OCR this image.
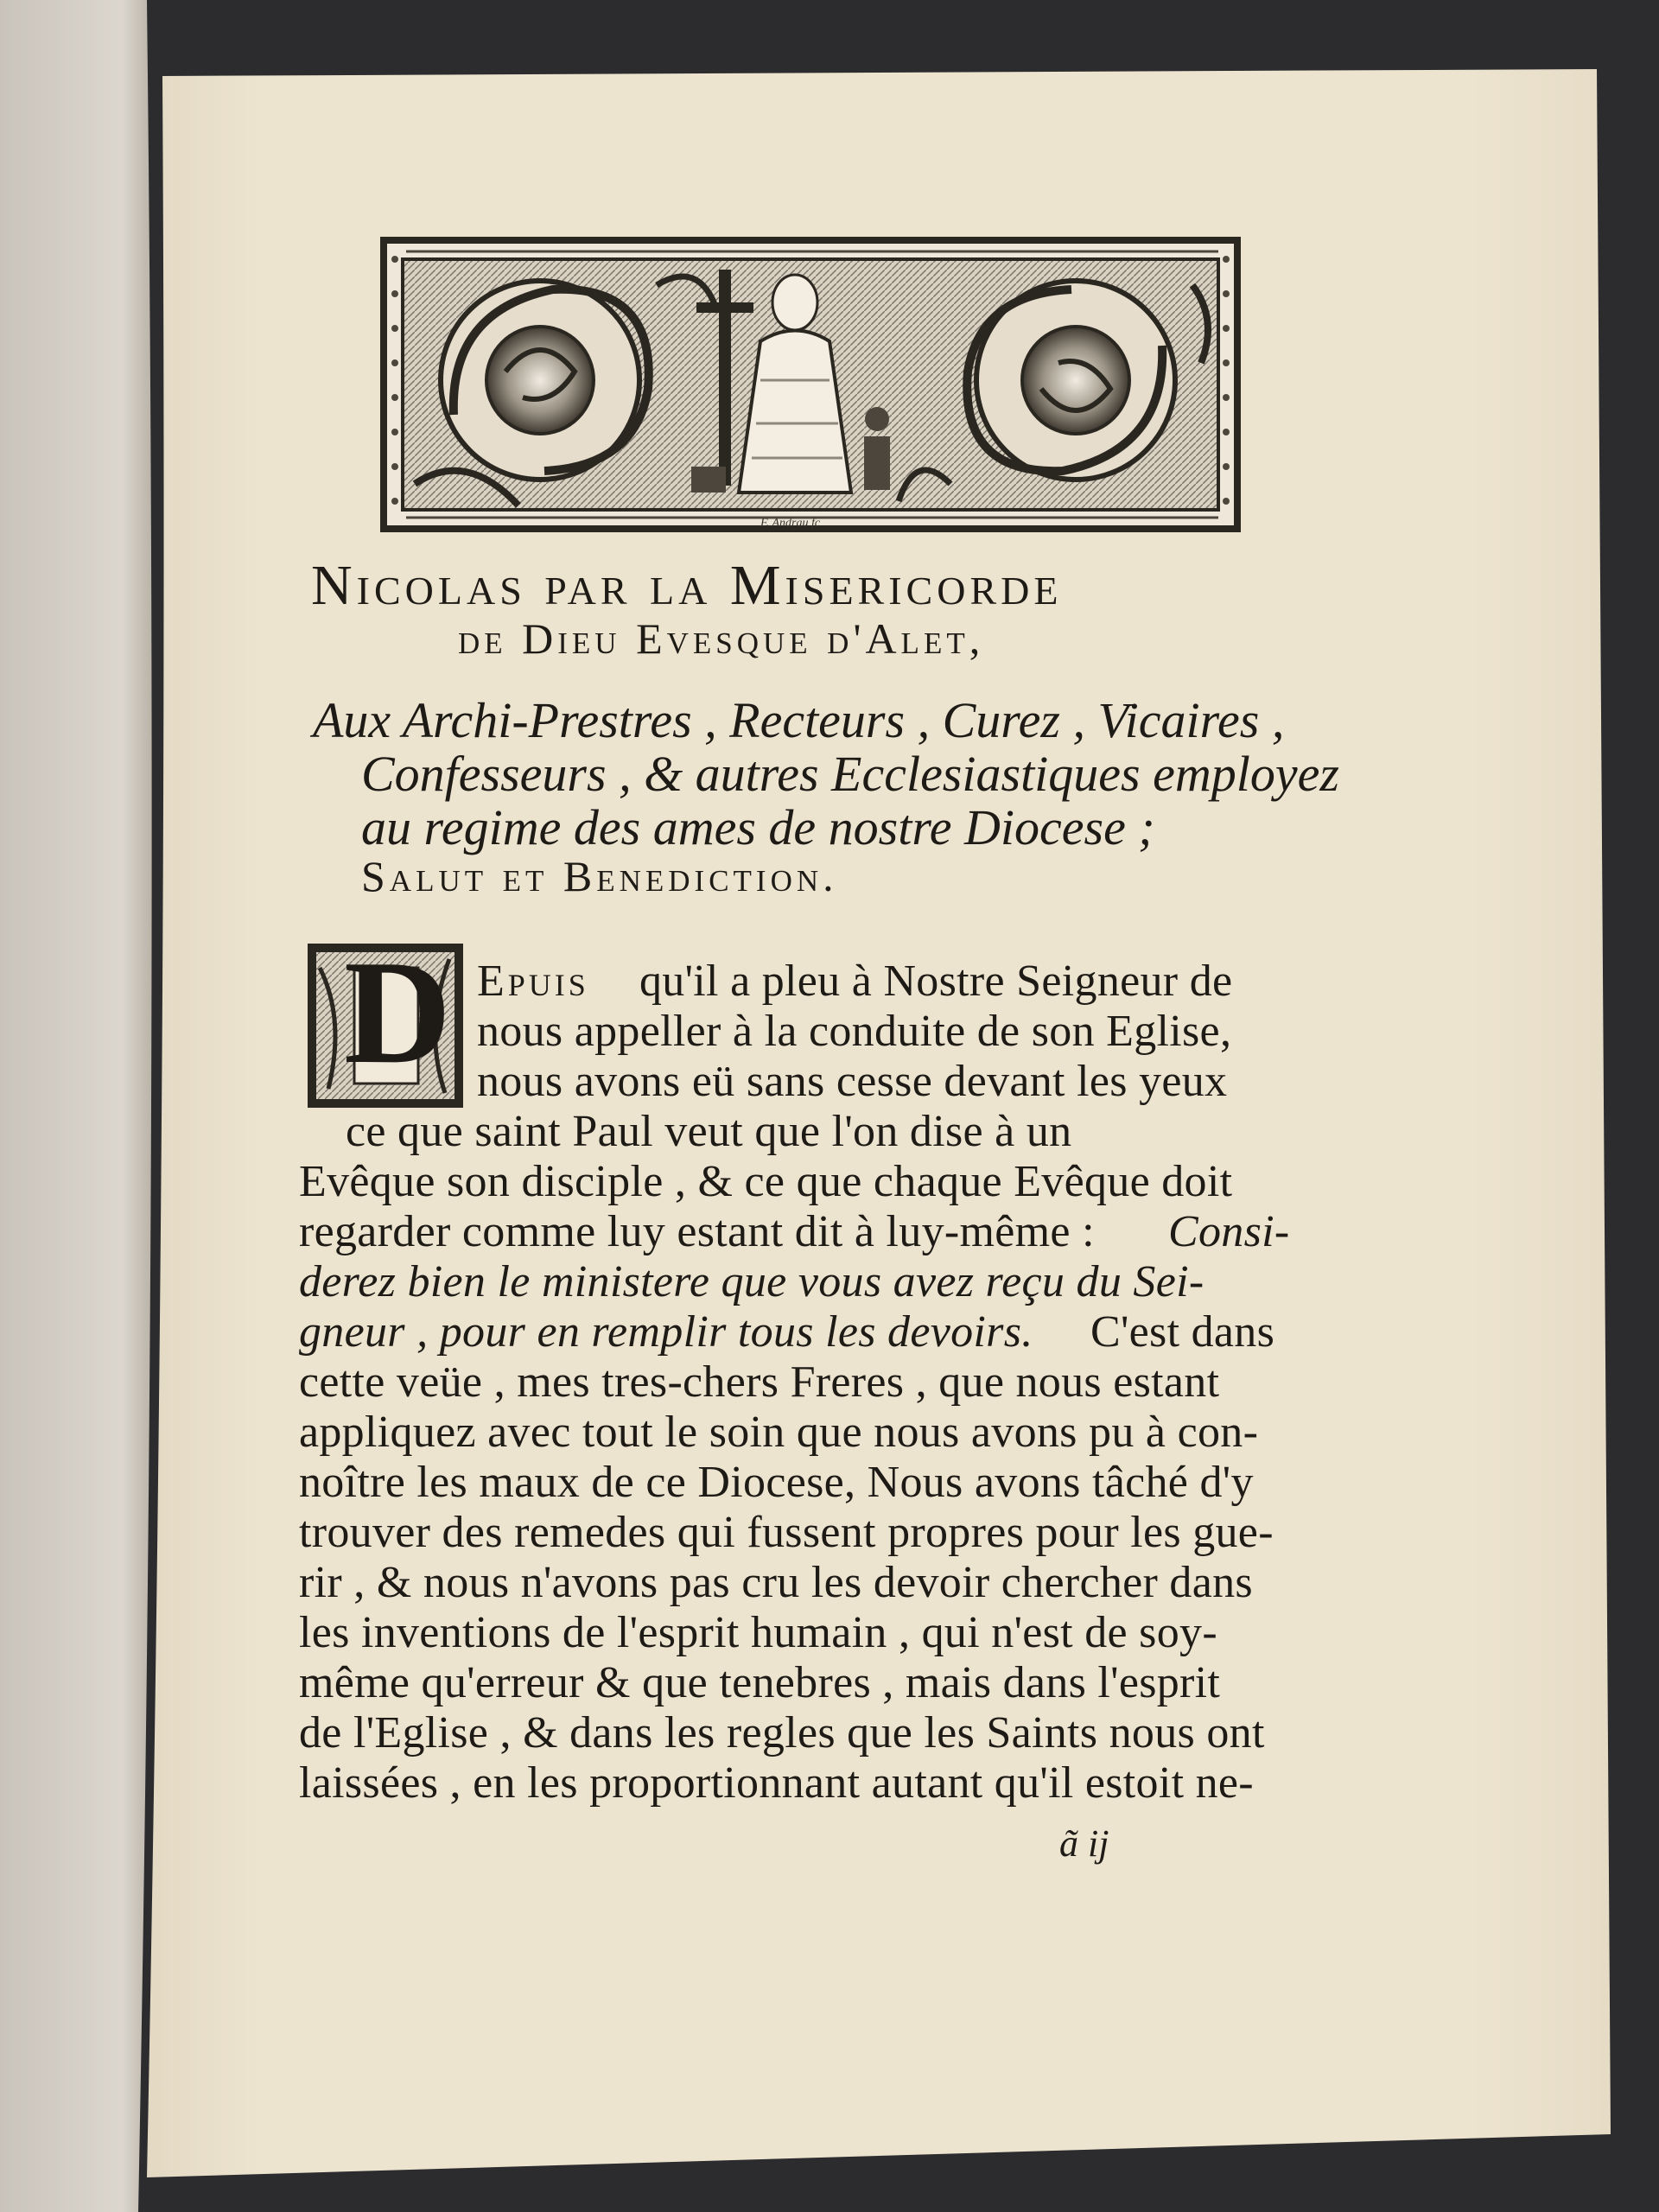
F. Andrau fc
Nicolas par la Misericorde
de Dieu Evesque d'Alet,
Aux Archi-Prestres , Recteurs , Curez , Vicaires ,
Confesseurs , & autres Ecclesiastiques employez
au regime des ames de nostre Diocese ;
Salut et Benediction.
D Epuis qu'il a pleu à Nostre Seigneur de
nous appeller à la conduite de son Eglise,
nous avons eü sans cesse devant les yeux
ce que saint Paul veut que l'on dise à un
Evêque son disciple , & ce que chaque Evêque doit
regarder comme luy estant dit à luy-même : Consi-
derez bien le ministere que vous avez reçu du Sei-
gneur , pour en remplir tous les devoirs. C'est dans
cette veüe , mes tres-chers Freres , que nous estant
appliquez avec tout le soin que nous avons pu à con-
noître les maux de ce Diocese, Nous avons tâché d'y
trouver des remedes qui fussent propres pour les gue-
rir , & nous n'avons pas cru les devoir chercher dans
les inventions de l'esprit humain , qui n'est de soy-
même qu'erreur & que tenebres , mais dans l'esprit
de l'Eglise , & dans les regles que les Saints nous ont
laissées , en les proportionnant autant qu'il estoit ne-
ã ij
